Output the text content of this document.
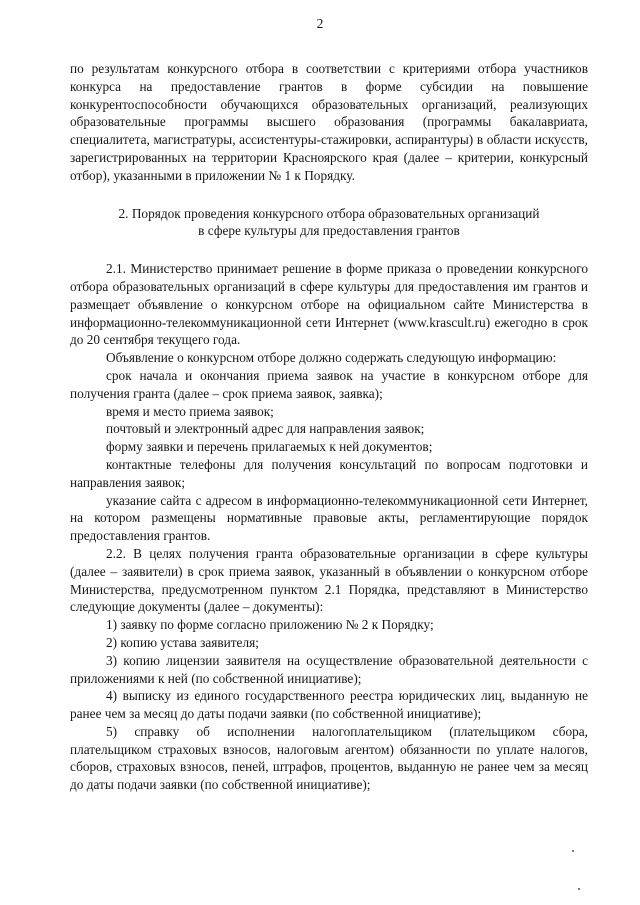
2

по результатам конкурсного отбора в соответствии с критериями отбора участников конкурса на предоставление грантов в форме субсидии на повышение конкурентоспособности обучающихся образовательных организаций, реализующих образовательные программы высшего образования (программы бакалавриата, специалитета, магистратуры, ассистентуры-стажировки, аспирантуры) в области искусств, зарегистрированных на территории Красноярского края (далее – критерии, конкурсный отбор), указанными в приложении № 1 к Порядку.

2. Порядок проведения конкурсного отбора образовательных организаций
в сфере культуры для предоставления грантов

2.1. Министерство принимает решение в форме приказа о проведении конкурсного отбора образовательных организаций в сфере культуры для предоставления им грантов и размещает объявление о конкурсном отборе на официальном сайте Министерства в информационно-телекоммуникационной сети Интернет (www.krascult.ru) ежегодно в срок до 20 сентября текущего года.

Объявление о конкурсном отборе должно содержать следующую информацию:

срок начала и окончания приема заявок на участие в конкурсном отборе для получения гранта (далее – срок приема заявок, заявка);

время и место приема заявок;

почтовый и электронный адрес для направления заявок;

форму заявки и перечень прилагаемых к ней документов;

контактные телефоны для получения консультаций по вопросам подготовки и направления заявок;

указание сайта с адресом в информационно-телекоммуникационной сети Интернет, на котором размещены нормативные правовые акты, регламентирующие порядок предоставления грантов.

2.2. В целях получения гранта образовательные организации в сфере культуры (далее – заявители) в срок приема заявок, указанный в объявлении о конкурсном отборе Министерства, предусмотренном пунктом 2.1 Порядка, представляют в Министерство следующие документы (далее – документы):

1) заявку по форме согласно приложению № 2 к Порядку;

2) копию устава заявителя;

3) копию лицензии заявителя на осуществление образовательной деятельности с приложениями к ней (по собственной инициативе);

4) выписку из единого государственного реестра юридических лиц, выданную не ранее чем за месяц до даты подачи заявки (по собственной инициативе);

5) справку об исполнении налогоплательщиком (плательщиком сбора, плательщиком страховых взносов, налоговым агентом) обязанности по уплате налогов, сборов, страховых взносов, пеней, штрафов, процентов, выданную не ранее чем за месяц до даты подачи заявки (по собственной инициативе);
